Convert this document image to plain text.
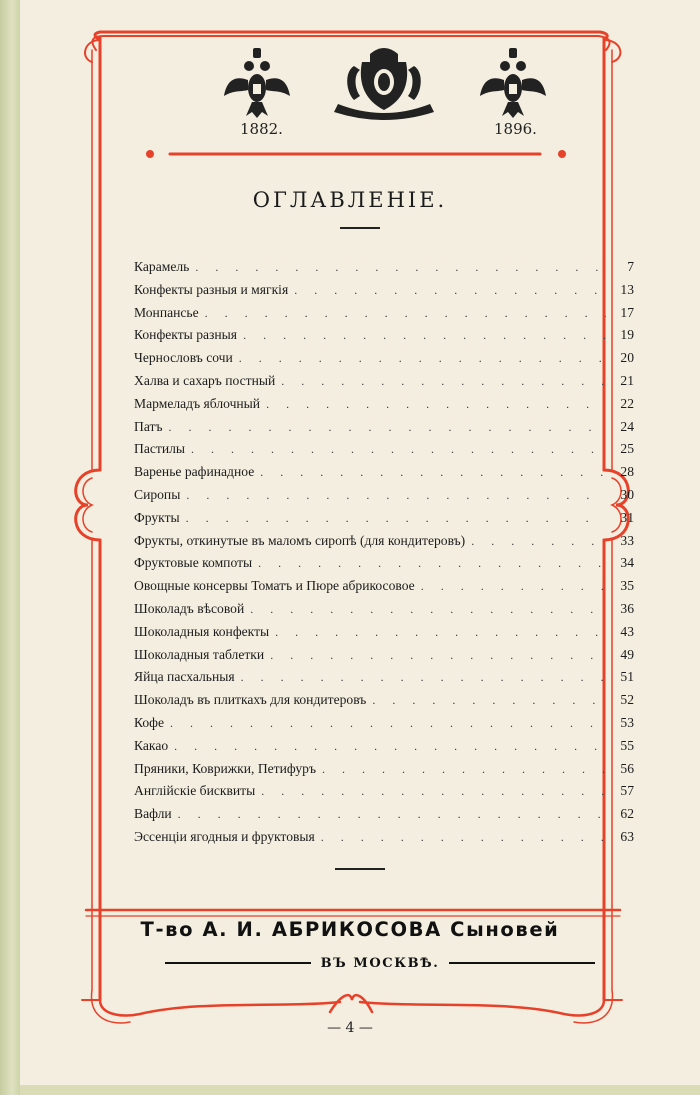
1882.	1896.
ОГЛАВЛЕНIЕ.
Карамель . . .	7
Конфекты разныя и мягкiя . . .	13
Монпансье . . .	17
Конфекты разныя . . .	19
Чернословъ сочи . . .	20
Халва и сахаръ постный . . .	21
Мармеладъ яблочный . . .	22
Патъ . . .	24
Пастилы . . .	25
Варенье рафинадное . . .	28
Сиропы . . .	30
Фрукты . . .	31
Фрукты, откинутые въ маломъ сиропѣ (для кондитеровъ) . . .	33
Фруктовые компоты . . .	34
Овощные консервы Томатъ и Пюре абрикосовое . . .	35
Шоколадъ вѣсовой . . .	36
Шоколадныя конфекты . . .	43
Шоколадныя таблетки . . .	49
Яйца пасхальныя . . .	51
Шоколадъ въ плиткахъ для кондитеровъ . . .	52
Кофе . . .	53
Какао . . .	55
Пряники, Коврижки, Петифуръ . . .	56
Англiйскiе бисквиты . . .	57
Вафли . . .	62
Эссенцiи ягодныя и фруктовыя . . .	63
Т-во А. И. АБРИКОСОВА Сыновей
ВЪ МОСКВѢ.
— 4 —
